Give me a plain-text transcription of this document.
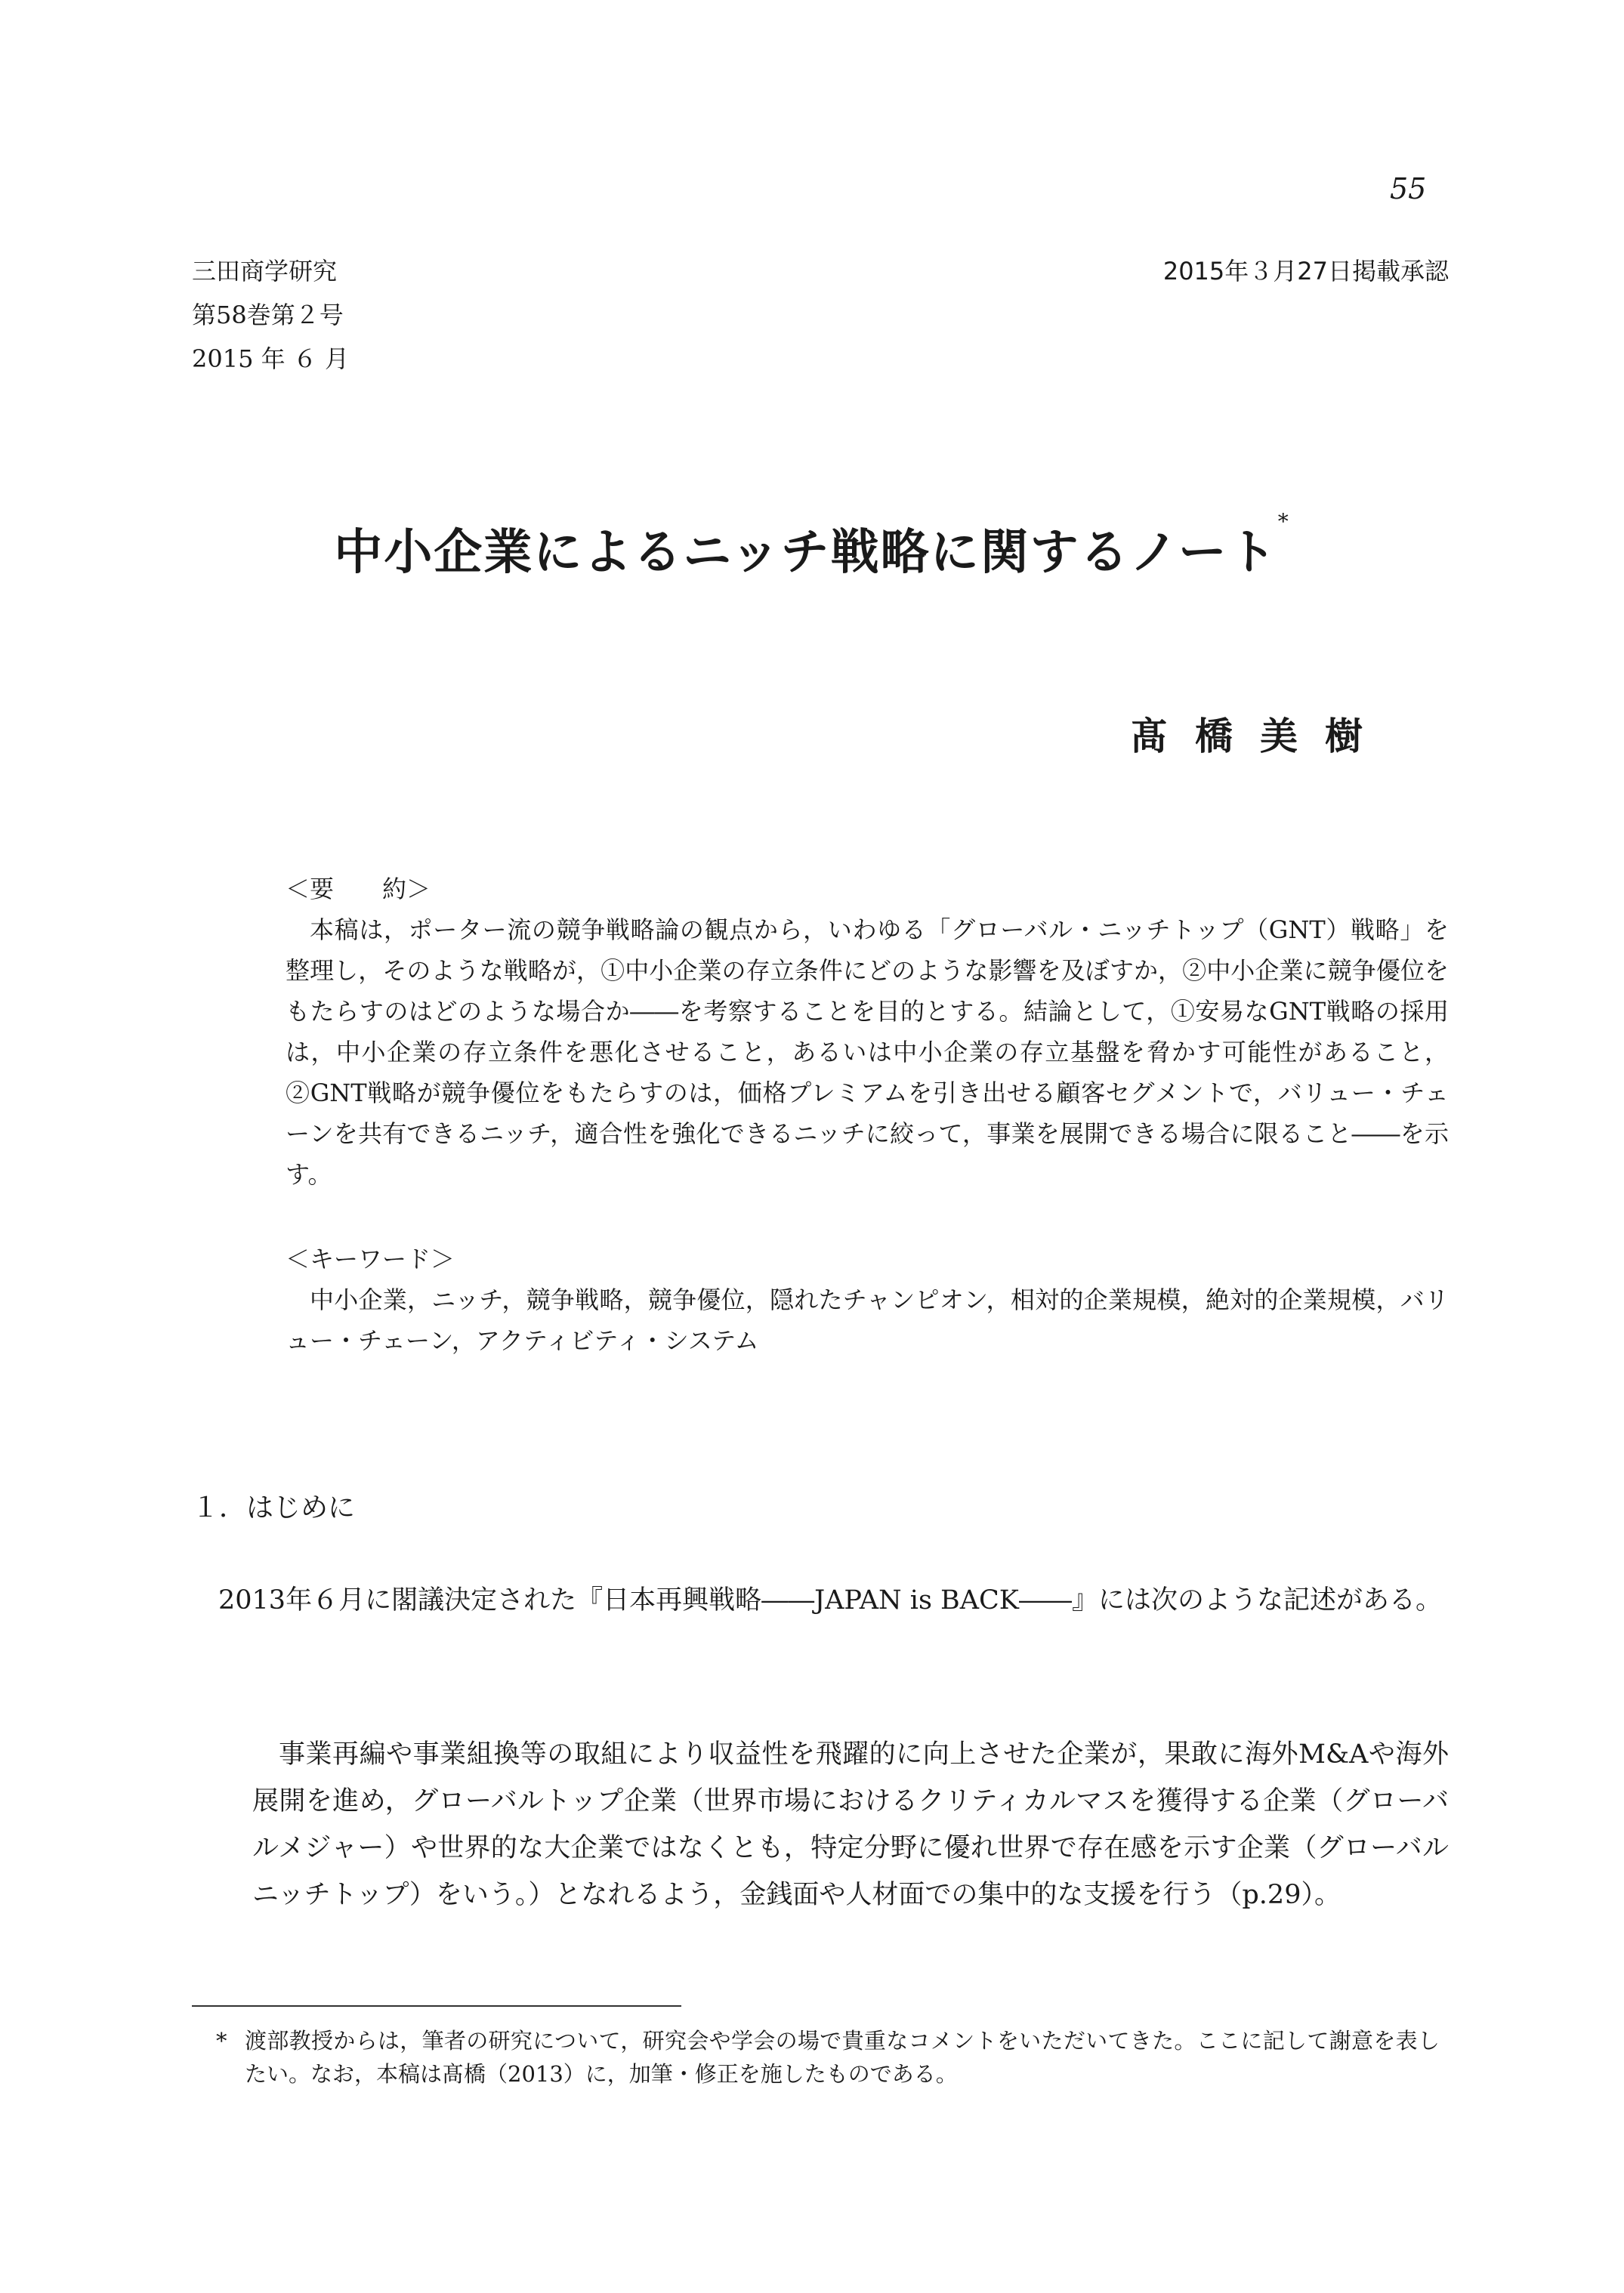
55
三田商学研究
第58巻第２号
2015 年 ６ 月
2015年３月27日掲載承認
中小企業によるニッチ戦略に関するノート*
髙橋美樹
＜要　　約＞

本稿は，ポーター流の競争戦略論の観点から，いわゆる「グローバル・ニッチトップ（GNT）戦略」を整理し，そのような戦略が，①中小企業の存立条件にどのような影響を及ぼすか，②中小企業に競争優位をもたらすのはどのような場合か――を考察することを目的とする。結論として，①安易なGNT戦略の採用は，中小企業の存立条件を悪化させること，あるいは中小企業の存立基盤を脅かす可能性があること，②GNT戦略が競争優位をもたらすのは，価格プレミアムを引き出せる顧客セグメントで，バリュー・チェーンを共有できるニッチ，適合性を強化できるニッチに絞って，事業を展開できる場合に限ること――を示す。

＜キーワード＞

中小企業，ニッチ，競争戦略，競争優位，隠れたチャンピオン，相対的企業規模，絶対的企業規模，バリュー・チェーン，アクティビティ・システム

１．はじめに

2013年６月に閣議決定された『日本再興戦略――JAPAN is BACK――』には次のような記述がある。

事業再編や事業組換等の取組により収益性を飛躍的に向上させた企業が，果敢に海外M&Aや海外展開を進め，グローバルトップ企業（世界市場におけるクリティカルマスを獲得する企業（グローバルメジャー）や世界的な大企業ではなくとも，特定分野に優れ世界で存在感を示す企業（グローバルニッチトップ）をいう。）となれるよう，金銭面や人材面での集中的な支援を行う（p.29）。

* 渡部教授からは，筆者の研究について，研究会や学会の場で貴重なコメントをいただいてきた。ここに記して謝意を表したい。なお，本稿は髙橋（2013）に，加筆・修正を施したものである。
